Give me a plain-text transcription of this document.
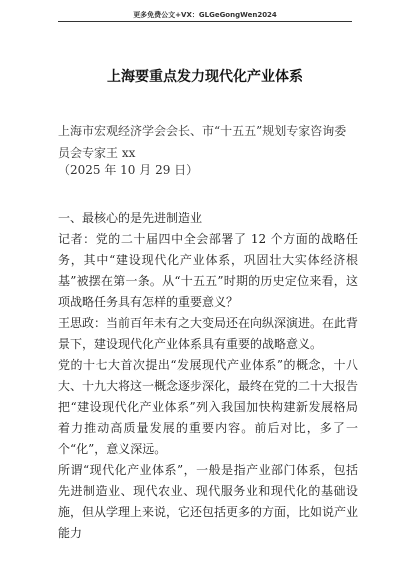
更多免费公文+VX：GLGeGongWen2024
上海要重点发力现代化产业体系
上海市宏观经济学会会长、市“十五五”规划专家咨询委员会专家王 xx
（2025 年 10 月 29 日）
一、最核心的是先进制造业
记者：党的二十届四中全会部署了 12 个方面的战略任务，其中“建设现代化产业体系，巩固壮大实体经济根基”被摆在第一条。从“十五五”时期的历史定位来看，这项战略任务具有怎样的重要意义？
王思政：当前百年未有之大变局还在向纵深演进。在此背景下，建设现代化产业体系具有重要的战略意义。
党的十七大首次提出“发展现代产业体系”的概念，十八大、十九大将这一概念逐步深化，最终在党的二十大报告把“建设现代化产业体系”列入我国加快构建新发展格局着力推动高质量发展的重要内容。前后对比，多了一个“化”，意义深远。
所谓“现代化产业体系”，一般是指产业部门体系，包括先进制造业、现代农业、现代服务业和现代化的基础设施，但从学理上来说，它还包括更多的方面，比如说产业能力
